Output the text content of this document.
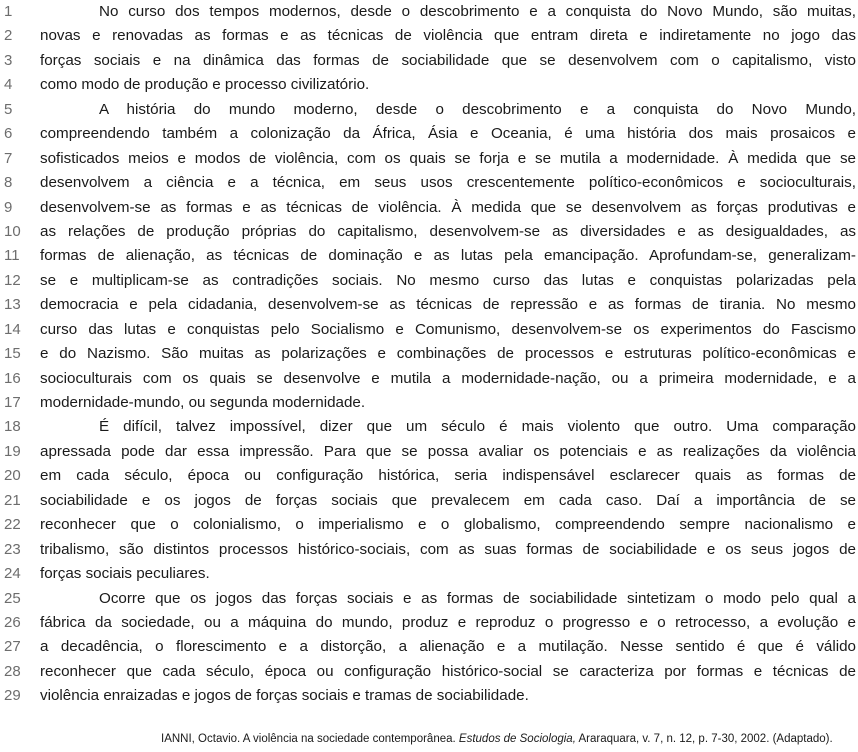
1	No curso dos tempos modernos, desde o descobrimento e a conquista do Novo Mundo, são muitas,
2	novas e renovadas as formas e as técnicas de violência que entram direta e indiretamente no jogo das
3	forças sociais e na dinâmica das formas de sociabilidade que se desenvolvem com o capitalismo, visto
4	como modo de produção e processo civilizatório.
5	A história do mundo moderno, desde o descobrimento e a conquista do Novo Mundo,
6	compreendendo também a colonização da África, Ásia e Oceania, é uma história dos mais prosaicos e
7	sofisticados meios e modos de violência, com os quais se forja e se mutila a modernidade. À medida que se
8	desenvolvem a ciência e a técnica, em seus usos crescentemente político-econômicos e socioculturais,
9	desenvolvem-se as formas e as técnicas de violência. À medida que se desenvolvem as forças produtivas e
10 as relações de produção próprias do capitalismo, desenvolvem-se as diversidades e as desigualdades, as
11 formas de alienação, as técnicas de dominação e as lutas pela emancipação. Aprofundam-se, generalizam-
12 se e multiplicam-se as contradições sociais. No mesmo curso das lutas e conquistas polarizadas pela
13 democracia e pela cidadania, desenvolvem-se as técnicas de repressão e as formas de tirania. No mesmo
14 curso das lutas e conquistas pelo Socialismo e Comunismo, desenvolvem-se os experimentos do Fascismo
15 e do Nazismo. São muitas as polarizações e combinações de processos e estruturas político-econômicas e
16 socioculturais com os quais se desenvolve e mutila a modernidade-nação, ou a primeira modernidade, e a
17 modernidade-mundo, ou segunda modernidade.
18	É difícil, talvez impossível, dizer que um século é mais violento que outro. Uma comparação
19 apressada pode dar essa impressão. Para que se possa avaliar os potenciais e as realizações da violência
20 em cada século, época ou configuração histórica, seria indispensável esclarecer quais as formas de
21 sociabilidade e os jogos de forças sociais que prevalecem em cada caso. Daí a importância de se
22 reconhecer que o colonialismo, o imperialismo e o globalismo, compreendendo sempre nacionalismo e
23 tribalismo, são distintos processos histórico-sociais, com as suas formas de sociabilidade e os seus jogos de
24 forças sociais peculiares.
25	Ocorre que os jogos das forças sociais e as formas de sociabilidade sintetizam o modo pelo qual a
26 fábrica da sociedade, ou a máquina do mundo, produz e reproduz o progresso e o retrocesso, a evolução e
27 a decadência, o florescimento e a distorção, a alienação e a mutilação. Nesse sentido é que é válido
28 reconhecer que cada século, época ou configuração histórico-social se caracteriza por formas e técnicas de
29 violência enraizadas e jogos de forças sociais e tramas de sociabilidade.
IANNI, Octavio. A violência na sociedade contemporânea. Estudos de Sociologia, Araraquara, v. 7, n. 12, p. 7-30, 2002. (Adaptado).
